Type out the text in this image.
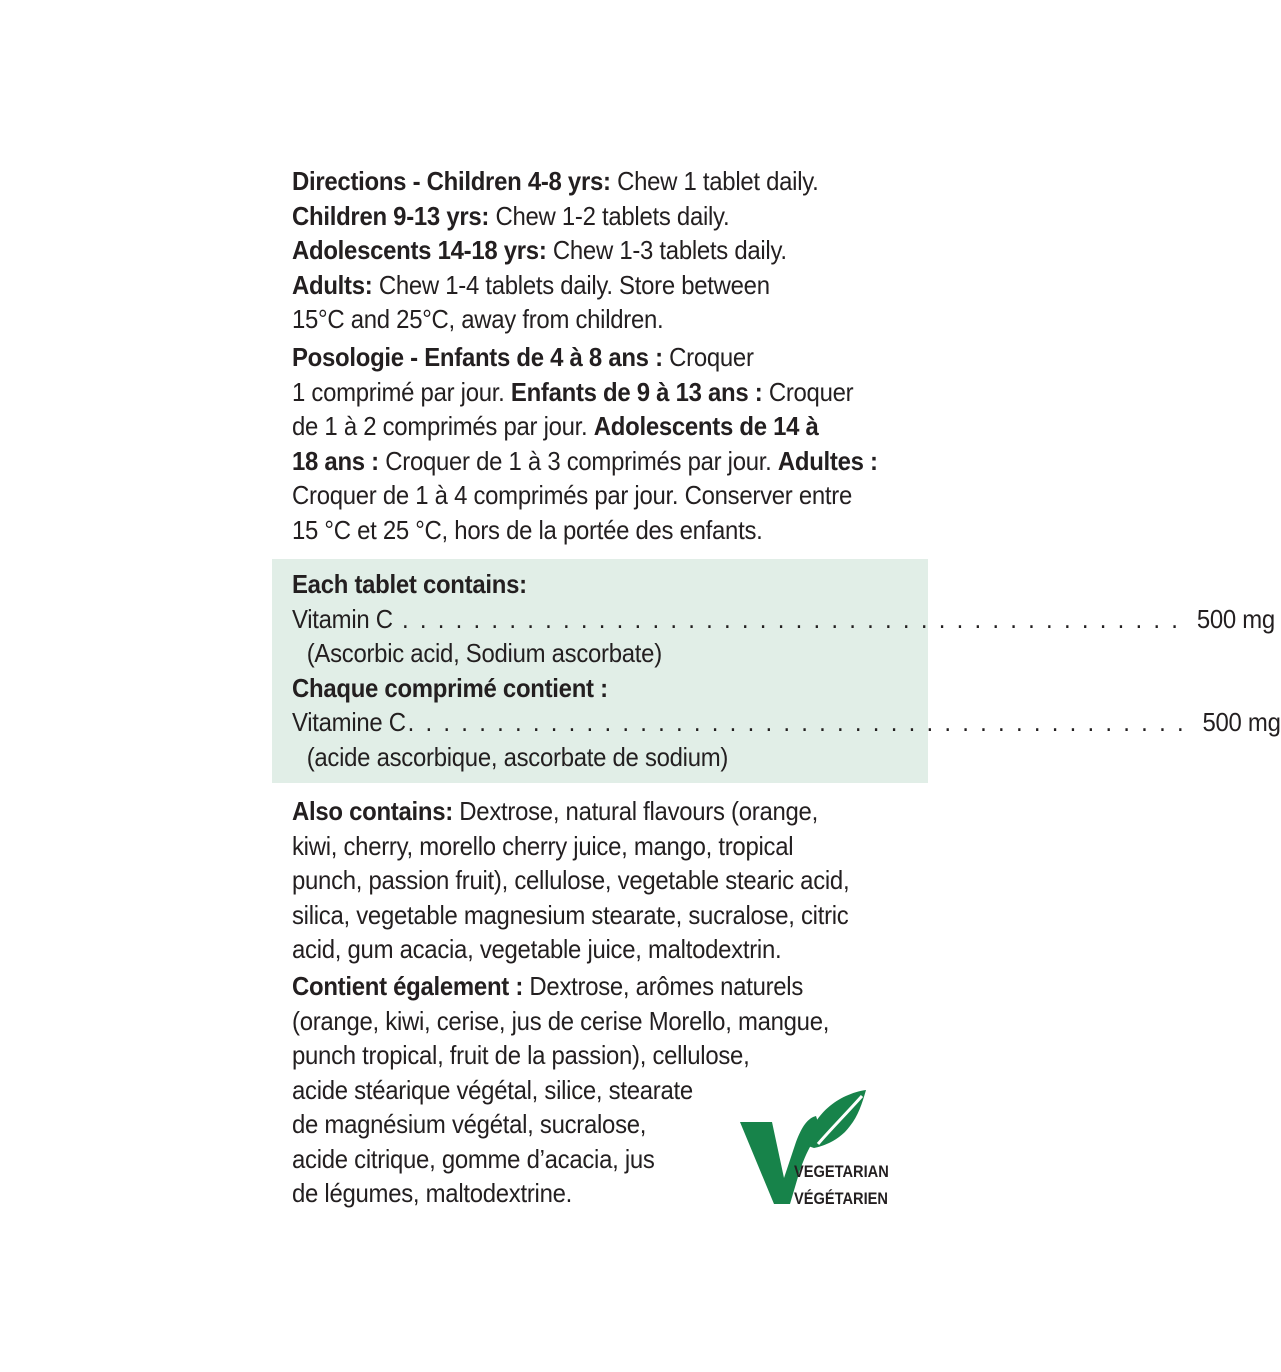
Directions - Children 4-8 yrs: Chew 1 tablet daily.

Children 9-13 yrs: Chew 1-2 tablets daily.

Adolescents 14-18 yrs: Chew 1-3 tablets daily.

Adults: Chew 1-4 tablets daily. Store between

15°C and 25°C, away from children.

Posologie - Enfants de 4 à 8 ans : Croquer

1 comprimé par jour. Enfants de 9 à 13 ans : Croquer

de 1 à 2 comprimés par jour. Adolescents de 14 à

18 ans : Croquer de 1 à 3 comprimés par jour. Adultes :

Croquer de 1 à 4 comprimés par jour. Conserver entre

15 °C et 25 °C, hors de la portée des enfants.

Each tablet contains:

Vitamin C . . . . . . . . . . . . . . . . . . . . . . . . . . . . . . . . . . . . . . . . . . . . 500 mg

(Ascorbic acid, Sodium ascorbate)

Chaque comprimé contient :

Vitamine C . . . . . . . . . . . . . . . . . . . . . . . . . . . . . . . . . . . . . . . . . . . . 500 mg

(acide ascorbique, ascorbate de sodium)

Also contains: Dextrose, natural flavours (orange,

kiwi, cherry, morello cherry juice, mango, tropical

punch, passion fruit), cellulose, vegetable stearic acid,

silica, vegetable magnesium stearate, sucralose, citric

acid, gum acacia, vegetable juice, maltodextrin.

Contient également : Dextrose, arômes naturels

(orange, kiwi, cerise, jus de cerise Morello, mangue,

punch tropical, fruit de la passion), cellulose,

acide stéarique végétal, silice, stearate

de magnésium végétal, sucralose,

acide citrique, gomme d’acacia, jus

de légumes, maltodextrine.

VEGETARIAN
VÉGÉTARIEN
